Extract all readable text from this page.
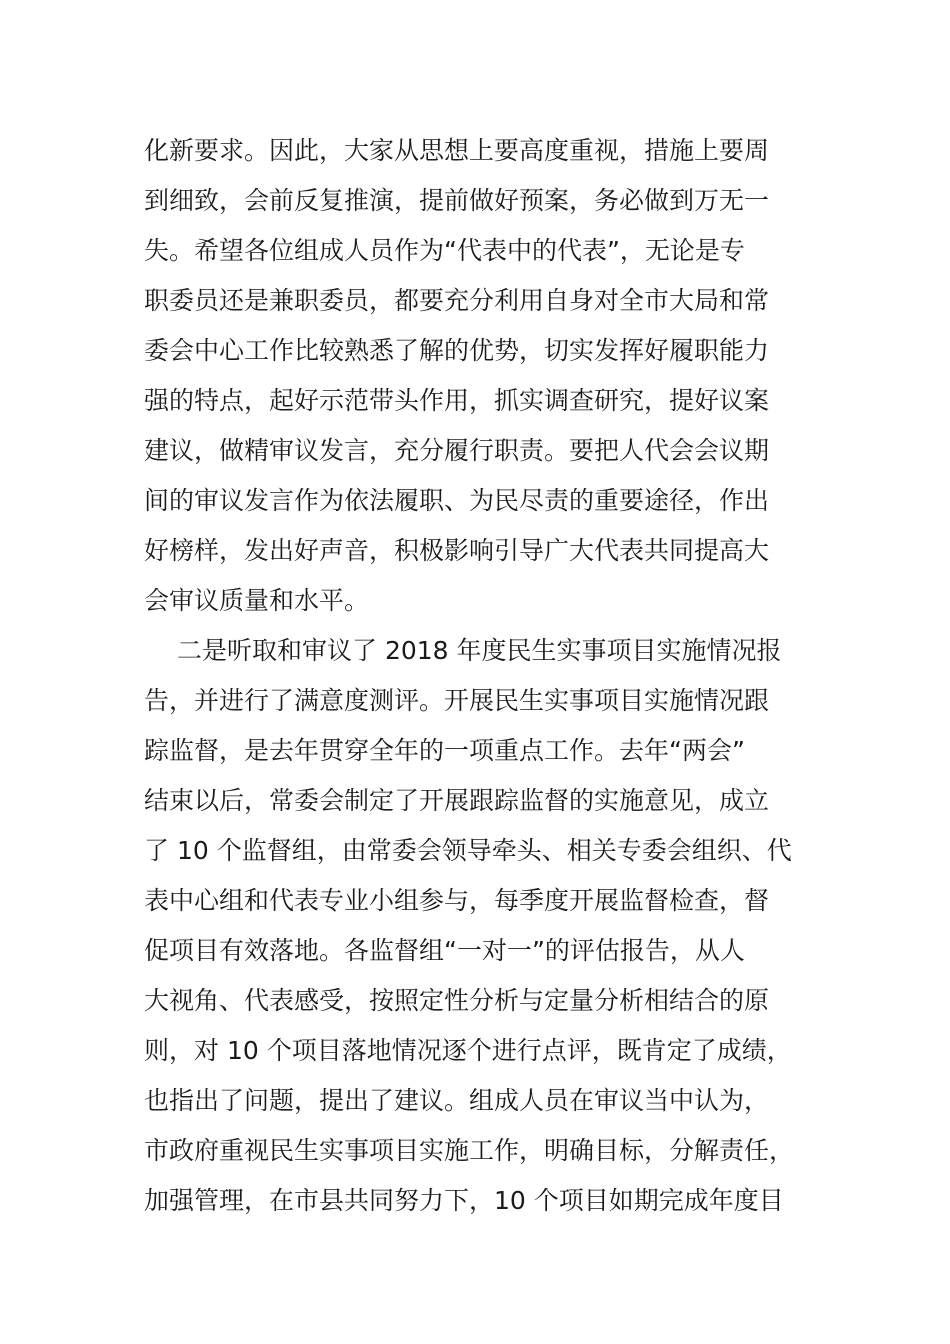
化新要求。因此，大家从思想上要高度重视，措施上要周
到细致，会前反复推演，提前做好预案，务必做到万无一
失。希望各位组成人员作为“代表中的代表”，无论是专
职委员还是兼职委员，都要充分利用自身对全市大局和常
委会中心工作比较熟悉了解的优势，切实发挥好履职能力
强的特点，起好示范带头作用，抓实调查研究，提好议案
建议，做精审议发言，充分履行职责。要把人代会会议期
间的审议发言作为依法履职、为民尽责的重要途径，作出
好榜样，发出好声音，积极影响引导广大代表共同提高大
会审议质量和水平。
二是听取和审议了 2018 年度民生实事项目实施情况报
告，并进行了满意度测评。开展民生实事项目实施情况跟
踪监督，是去年贯穿全年的一项重点工作。去年“两会”
结束以后，常委会制定了开展跟踪监督的实施意见，成立
了 10 个监督组，由常委会领导牵头、相关专委会组织、代
表中心组和代表专业小组参与，每季度开展监督检查，督
促项目有效落地。各监督组“一对一”的评估报告，从人
大视角、代表感受，按照定性分析与定量分析相结合的原
则，对 10 个项目落地情况逐个进行点评，既肯定了成绩，
也指出了问题，提出了建议。组成人员在审议当中认为，
市政府重视民生实事项目实施工作，明确目标，分解责任，
加强管理，在市县共同努力下，10 个项目如期完成年度目
